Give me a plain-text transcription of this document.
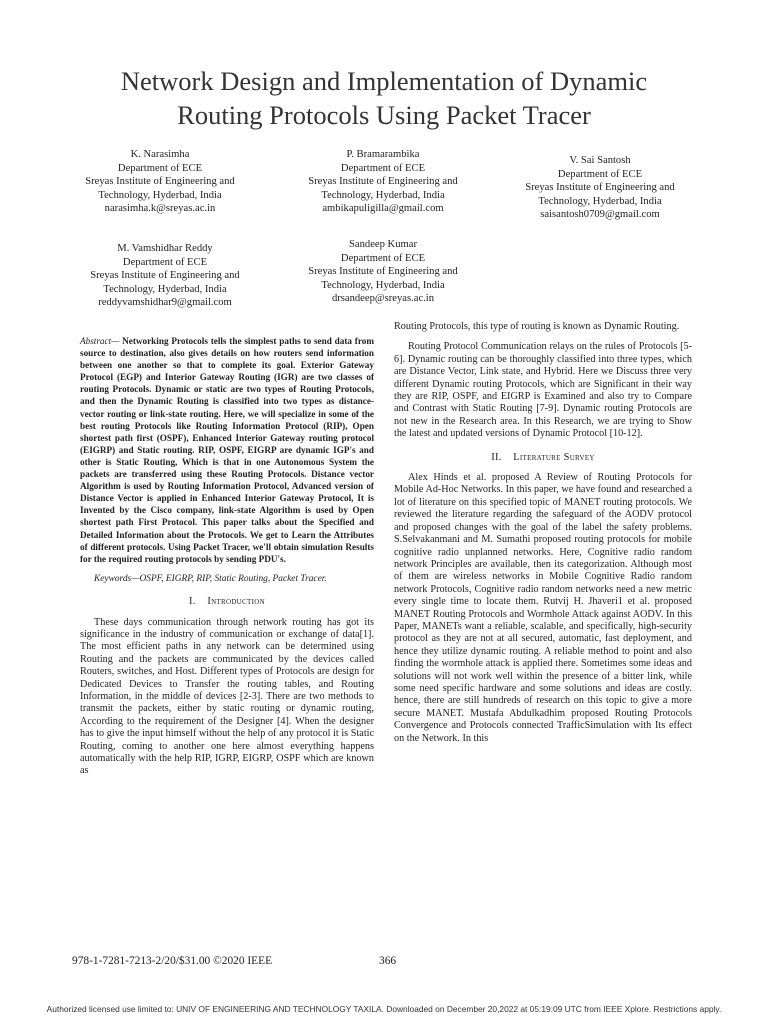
Network Design and Implementation of Dynamic
Routing Protocols Using Packet Tracer
K. Narasimha
Department of ECE
Sreyas Institute of Engineering and
Technology, Hyderbad, India
narasimha.k@sreyas.ac.in
P. Bramarambika
Department of ECE
Sreyas Institute of Engineering and
Technology, Hyderbad, India
ambikapuligilla@gmail.com
V. Sai Santosh
Department of ECE
Sreyas Institute of Engineering and
Technology, Hyderbad, India
saisantosh0709@gmail.com
M. Vamshidhar Reddy
Department of ECE
Sreyas Institute of Engineering and
Technology, Hyderbad, India
reddyvamshidhar9@gmail.com
Sandeep Kumar
Department of ECE
Sreyas Institute of Engineering and
Technology, Hyderbad, India
drsandeep@sreyas.ac.in

Abstract— Networking Protocols tells the simplest paths to send data from source to destination, also gives details on how routers send information between one another so that to complete its goal. Exterior Gateway Protocol (EGP) and Interior Gateway Routing (IGR) are two classes of routing Protocols. Dynamic or static are two types of Routing Protocols, and then the Dynamic Routing is classified into two types as distance-vector routing or link-state routing. Here, we will specialize in some of the best routing Protocols like Routing Information Protocol (RIP), Open shortest path first (OSPF), Enhanced Interior Gateway routing protocol (EIGRP) and Static routing. RIP, OSPF, EIGRP are dynamic IGP's and other is Static Routing, Which is that in one Autonomous System the packets are transferred using these Routing Protocols. Distance vector Algorithm is used by Routing Information Protocol, Advanced version of Distance Vector is applied in Enhanced Interior Gateway Protocol, It is Invented by the Cisco company, link-state Algorithm is used by Open shortest path First Protocol. This paper talks about the Specified and Detailed Information about the Protocols. We get to Learn the Attributes of different protocols. Using Packet Tracer, we'll obtain simulation Results for the required routing protocols by sending PDU's.

Keywords—OSPF, EIGRP, RIP, Static Routing, Packet Tracer.

I. Introduction

These days communication through network routing has got its significance in the industry of communication or exchange of data[1]. The most efficient paths in any network can be determined using Routing and the packets are communicated by the devices called Routers, switches, and Host. Different types of Protocols are design for Dedicated Devices to Transfer the routing tables, and Routing Information, in the middle of devices [2-3]. There are two methods to transmit the packets, either by static routing or dynamic routing, According to the requirement of the Designer [4]. When the designer has to give the input himself without the help of any protocol it is Static Routing, coming to another one here almost everything happens automatically with the help RIP, IGRP, EIGRP, OSPF which are known as

Routing Protocols, this type of routing is known as Dynamic Routing.

Routing Protocol Communication relays on the rules of Protocols [5-6]. Dynamic routing can be thoroughly classified into three types, which are Distance Vector, Link state, and Hybrid. Here we Discuss three very different Dynamic routing Protocols, which are Significant in their way they are RIP, OSPF, and EIGRP is Examined and also try to Compare and Contrast with Static Routing [7-9]. Dynamic routing Protocols are not new in the Research area. In this Research, we are trying to Show the latest and updated versions of Dynamic Protocol [10-12].

II. Literature Survey

Alex Hinds et al. proposed A Review of Routing Protocols for Mobile Ad-Hoc Networks. In this paper, we have found and researched a lot of literature on this specified topic of MANET routing protocols. We reviewed the literature regarding the safeguard of the AODV protocol and proposed changes with the goal of the label the safety problems. S.Selvakanmani and M. Sumathi proposed routing protocols for mobile cognitive radio unplanned networks. Here, Cognitive radio random network Principles are available, then its categorization. Although most of them are wireless networks in Mobile Cognitive Radio random network Protocols, Cognitive radio random networks need a new metric every single time to locate them. Rutvij H. Jhaveri1 et al. proposed MANET Routing Protocols and Wormhole Attack against AODV. In this Paper, MANETs want a reliable, scalable, and specifically, high-security protocol as they are not at all secured, automatic, fast deployment, and hence they utilize dynamic routing. A reliable method to point and also finding the wormhole attack is applied there. Sometimes some ideas and solutions will not work well within the presence of a bitter link, while some need specific hardware and some solutions and ideas are costly. hence, there are still hundreds of research on this topic to give a more secure MANET. Mustafa Abdulkadhim proposed Routing Protocols Convergence and Protocols connected TrafficSimulation with Its effect on the Network. In this

978-1-7281-7213-2/20/$31.00 ©2020 IEEE	366
Authorized licensed use limited to: UNIV OF ENGINEERING AND TECHNOLOGY TAXILA. Downloaded on December 20,2022 at 05:19:09 UTC from IEEE Xplore. Restrictions apply.
